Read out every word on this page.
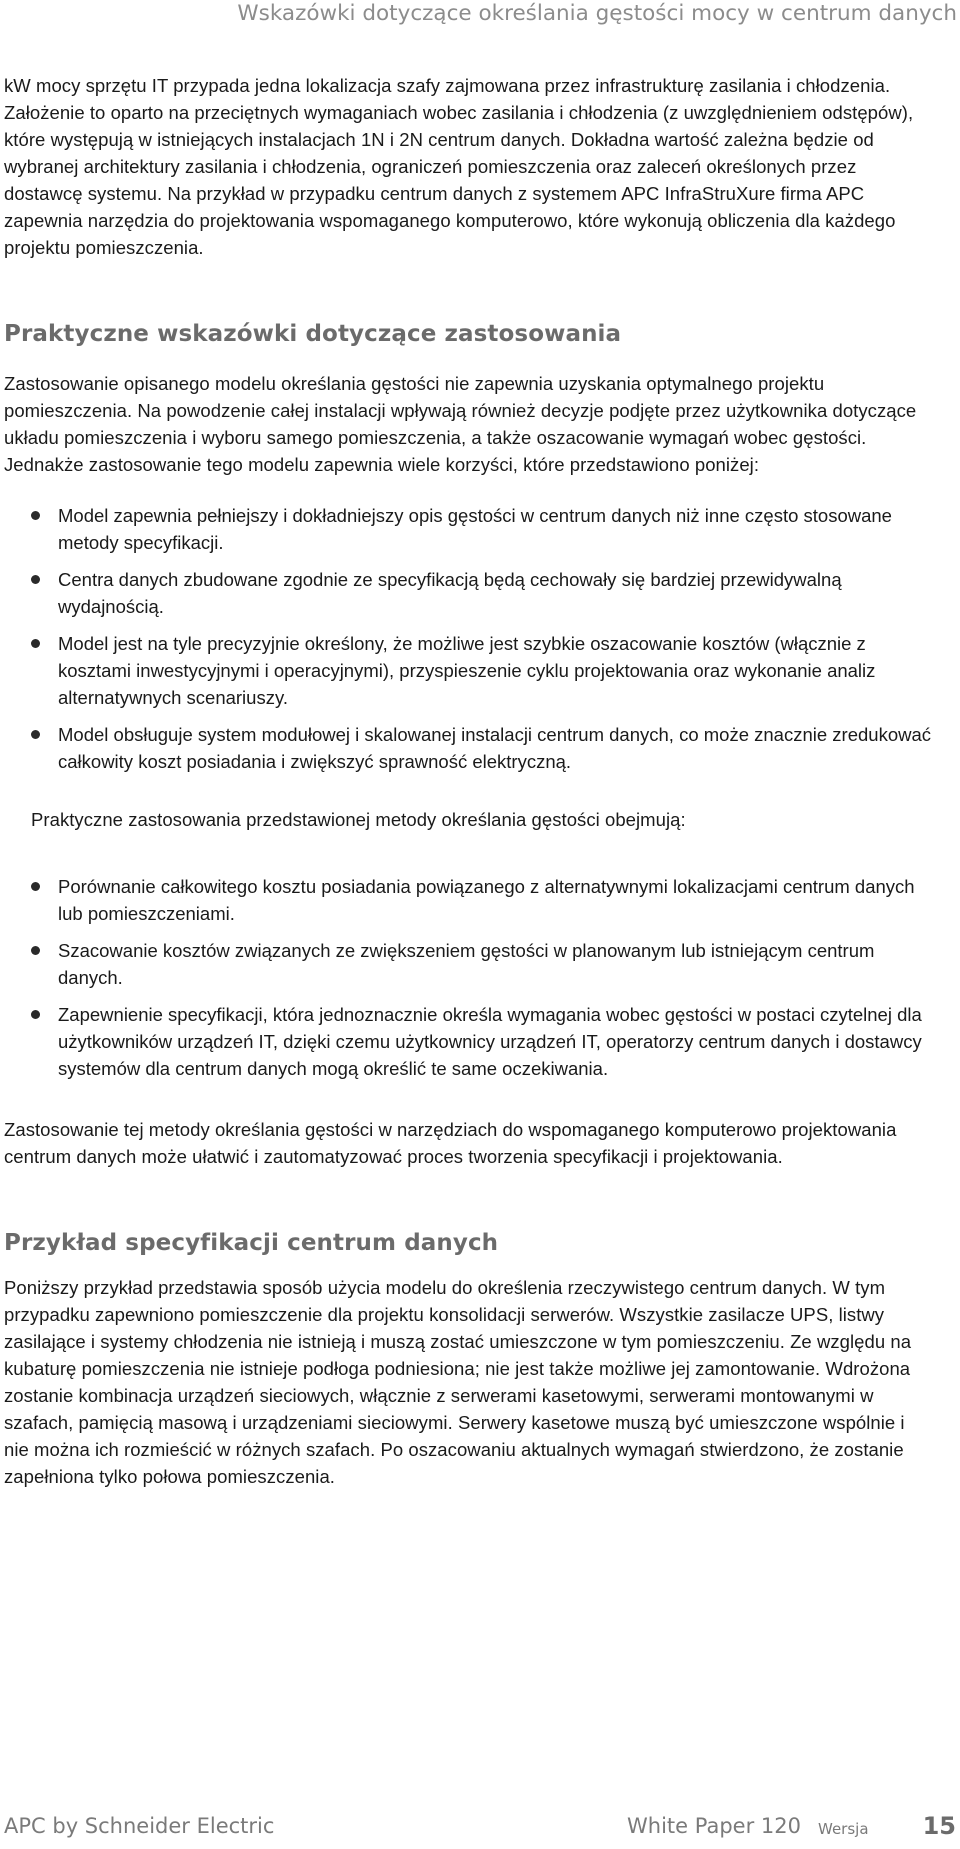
Wskazówki dotyczące określania gęstości mocy w centrum danych

kW mocy sprzętu IT przypada jedna lokalizacja szafy zajmowana przez infrastrukturę zasilania i chłodzenia. Założenie to oparto na przeciętnych wymaganiach wobec zasilania i chłodzenia (z uwzględnieniem odstępów), które występują w istniejących instalacjach 1N i 2N centrum danych. Dokładna wartość zależna będzie od wybranej architektury zasilania i chłodzenia, ograniczeń pomieszczenia oraz zaleceń określonych przez dostawcę systemu. Na przykład w przypadku centrum danych z systemem APC InfraStruXure firma APC zapewnia narzędzia do projektowania wspomaganego komputerowo, które wykonują obliczenia dla każdego projektu pomieszczenia.

Praktyczne wskazówki dotyczące zastosowania

Zastosowanie opisanego modelu określania gęstości nie zapewnia uzyskania optymalnego projektu pomieszczenia. Na powodzenie całej instalacji wpływają również decyzje podjęte przez użytkownika dotyczące układu pomieszczenia i wyboru samego pomieszczenia, a także oszacowanie wymagań wobec gęstości. Jednakże zastosowanie tego modelu zapewnia wiele korzyści, które przedstawiono poniżej:

Model zapewnia pełniejszy i dokładniejszy opis gęstości w centrum danych niż inne często stosowane metody specyfikacji.
Centra danych zbudowane zgodnie ze specyfikacją będą cechowały się bardziej przewidywalną wydajnością.
Model jest na tyle precyzyjnie określony, że możliwe jest szybkie oszacowanie kosztów (włącznie z kosztami inwestycyjnymi i operacyjnymi), przyspieszenie cyklu projektowania oraz wykonanie analiz alternatywnych scenariuszy.
Model obsługuje system modułowej i skalowanej instalacji centrum danych, co może znacznie zredukować całkowity koszt posiadania i zwiększyć sprawność elektryczną.

Praktyczne zastosowania przedstawionej metody określania gęstości obejmują:

Porównanie całkowitego kosztu posiadania powiązanego z alternatywnymi lokalizacjami centrum danych lub pomieszczeniami.
Szacowanie kosztów związanych ze zwiększeniem gęstości w planowanym lub istniejącym centrum danych.
Zapewnienie specyfikacji, która jednoznacznie określa wymagania wobec gęstości w postaci czytelnej dla użytkowników urządzeń IT, dzięki czemu użytkownicy urządzeń IT, operatorzy centrum danych i dostawcy systemów dla centrum danych mogą określić te same oczekiwania.

Zastosowanie tej metody określania gęstości w narzędziach do wspomaganego komputerowo projektowania centrum danych może ułatwić i zautomatyzować proces tworzenia specyfikacji i projektowania.

Przykład specyfikacji centrum danych

Poniższy przykład przedstawia sposób użycia modelu do określenia rzeczywistego centrum danych. W tym przypadku zapewniono pomieszczenie dla projektu konsolidacji serwerów. Wszystkie zasilacze UPS, listwy zasilające i systemy chłodzenia nie istnieją i muszą zostać umieszczone w tym pomieszczeniu. Ze względu na kubaturę pomieszczenia nie istnieje podłoga podniesiona; nie jest także możliwe jej zamontowanie. Wdrożona zostanie kombinacja urządzeń sieciowych, włącznie z serwerami kasetowymi, serwerami montowanymi w szafach, pamięcią masową i urządzeniami sieciowymi. Serwery kasetowe muszą być umieszczone wspólnie i nie można ich rozmieścić w różnych szafach. Po oszacowaniu aktualnych wymagań stwierdzono, że zostanie zapełniona tylko połowa pomieszczenia.

APC by Schneider Electric	White Paper 120 Wersja 15
